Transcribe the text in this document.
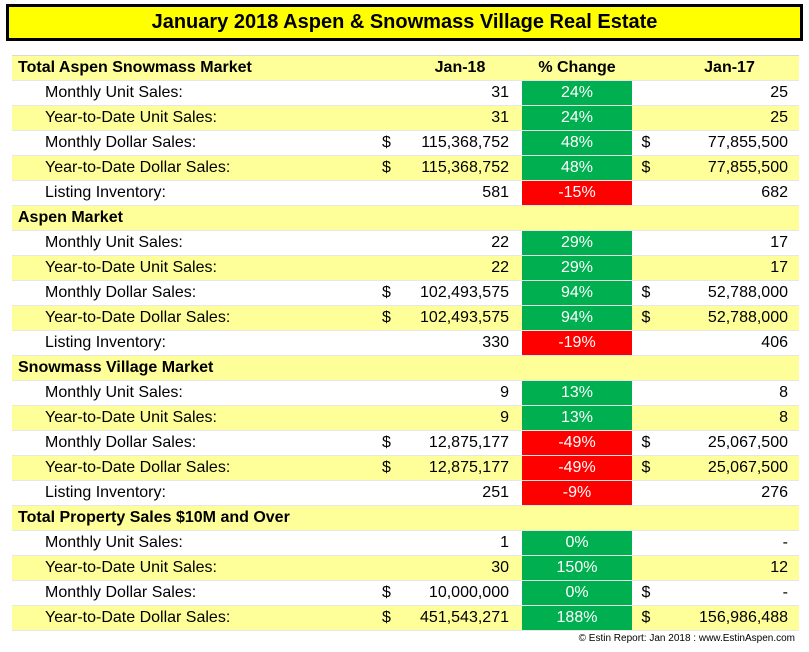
January 2018 Aspen & Snowmass Village Real Estate
Total Aspen Snowmass Market	Jan-18	% Change	Jan-17
Monthly Unit Sales:	31	24%	25
Year-to-Date Unit Sales:	31	24%	25
Monthly Dollar Sales:	$	115,368,752	48%	$	77,855,500
Year-to-Date Dollar Sales:	$	115,368,752	48%	$	77,855,500
Listing Inventory:	581	-15%	682
Aspen Market
Monthly Unit Sales:	22	29%	17
Year-to-Date Unit Sales:	22	29%	17
Monthly Dollar Sales:	$	102,493,575	94%	$	52,788,000
Year-to-Date Dollar Sales:	$	102,493,575	94%	$	52,788,000
Listing Inventory:	330	-19%	406
Snowmass Village Market
Monthly Unit Sales:	9	13%	8
Year-to-Date Unit Sales:	9	13%	8
Monthly Dollar Sales:	$	12,875,177	-49%	$	25,067,500
Year-to-Date Dollar Sales:	$	12,875,177	-49%	$	25,067,500
Listing Inventory:	251	-9%	276
Total Property Sales $10M and Over
Monthly Unit Sales:	1	0%	-
Year-to-Date Unit Sales:	30	150%	12
Monthly Dollar Sales:	$	10,000,000	0%	$	-
Year-to-Date Dollar Sales:	$	451,543,271	188%	$	156,986,488
© Estin Report: Jan 2018 : www.EstinAspen.com
